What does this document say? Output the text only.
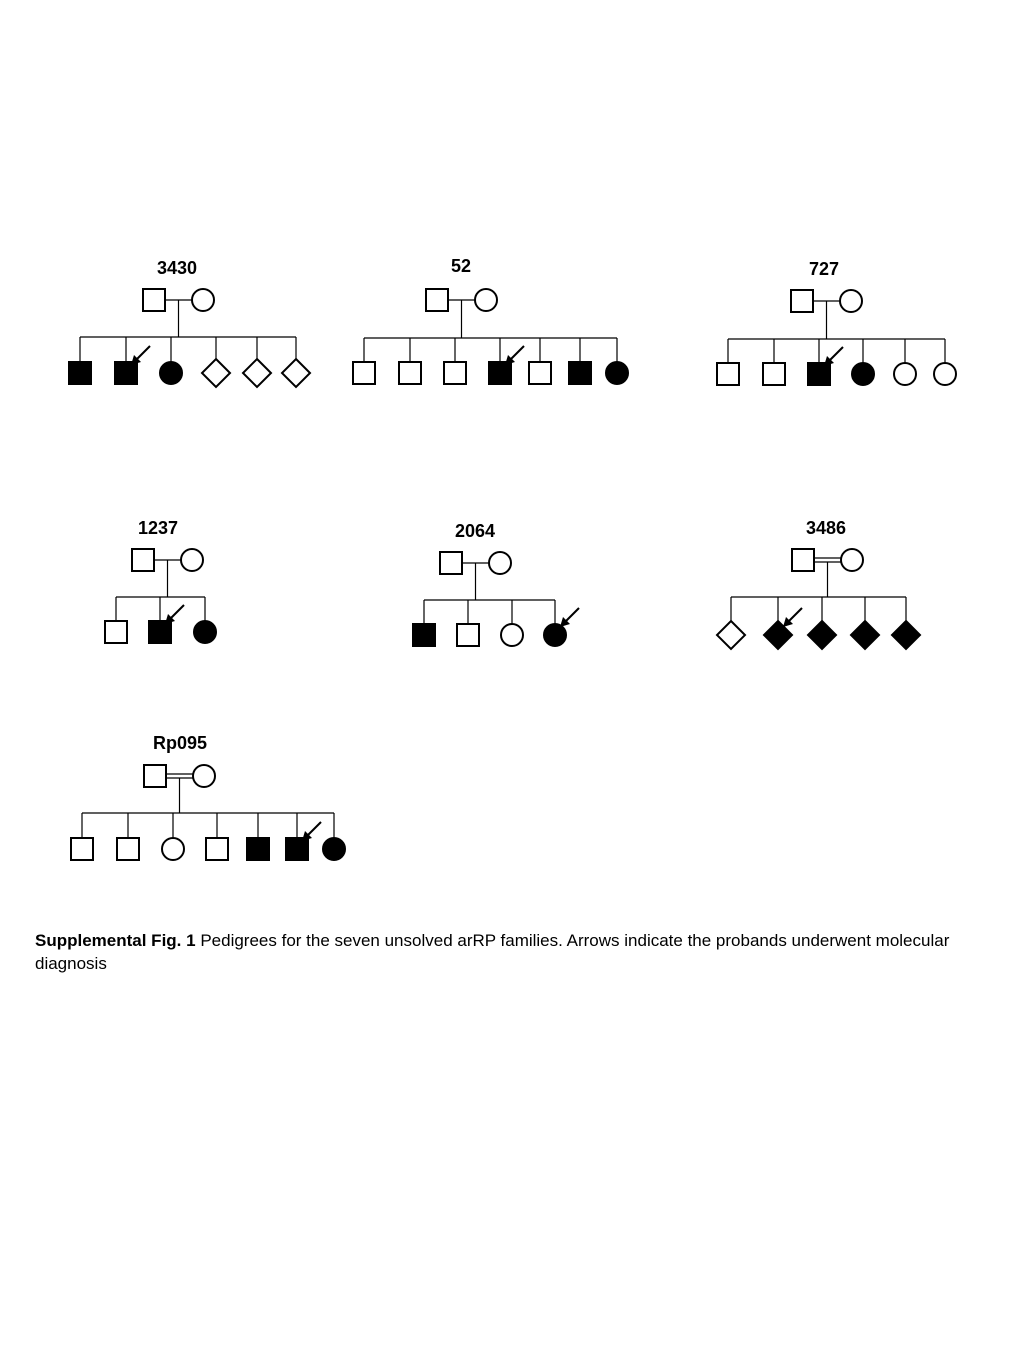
3430	52	727
1237	2064	3486
Rp095
Supplemental Fig. 1 Pedigrees for the seven unsolved arRP families. Arrows indicate the probands underwent molecular diagnosis
